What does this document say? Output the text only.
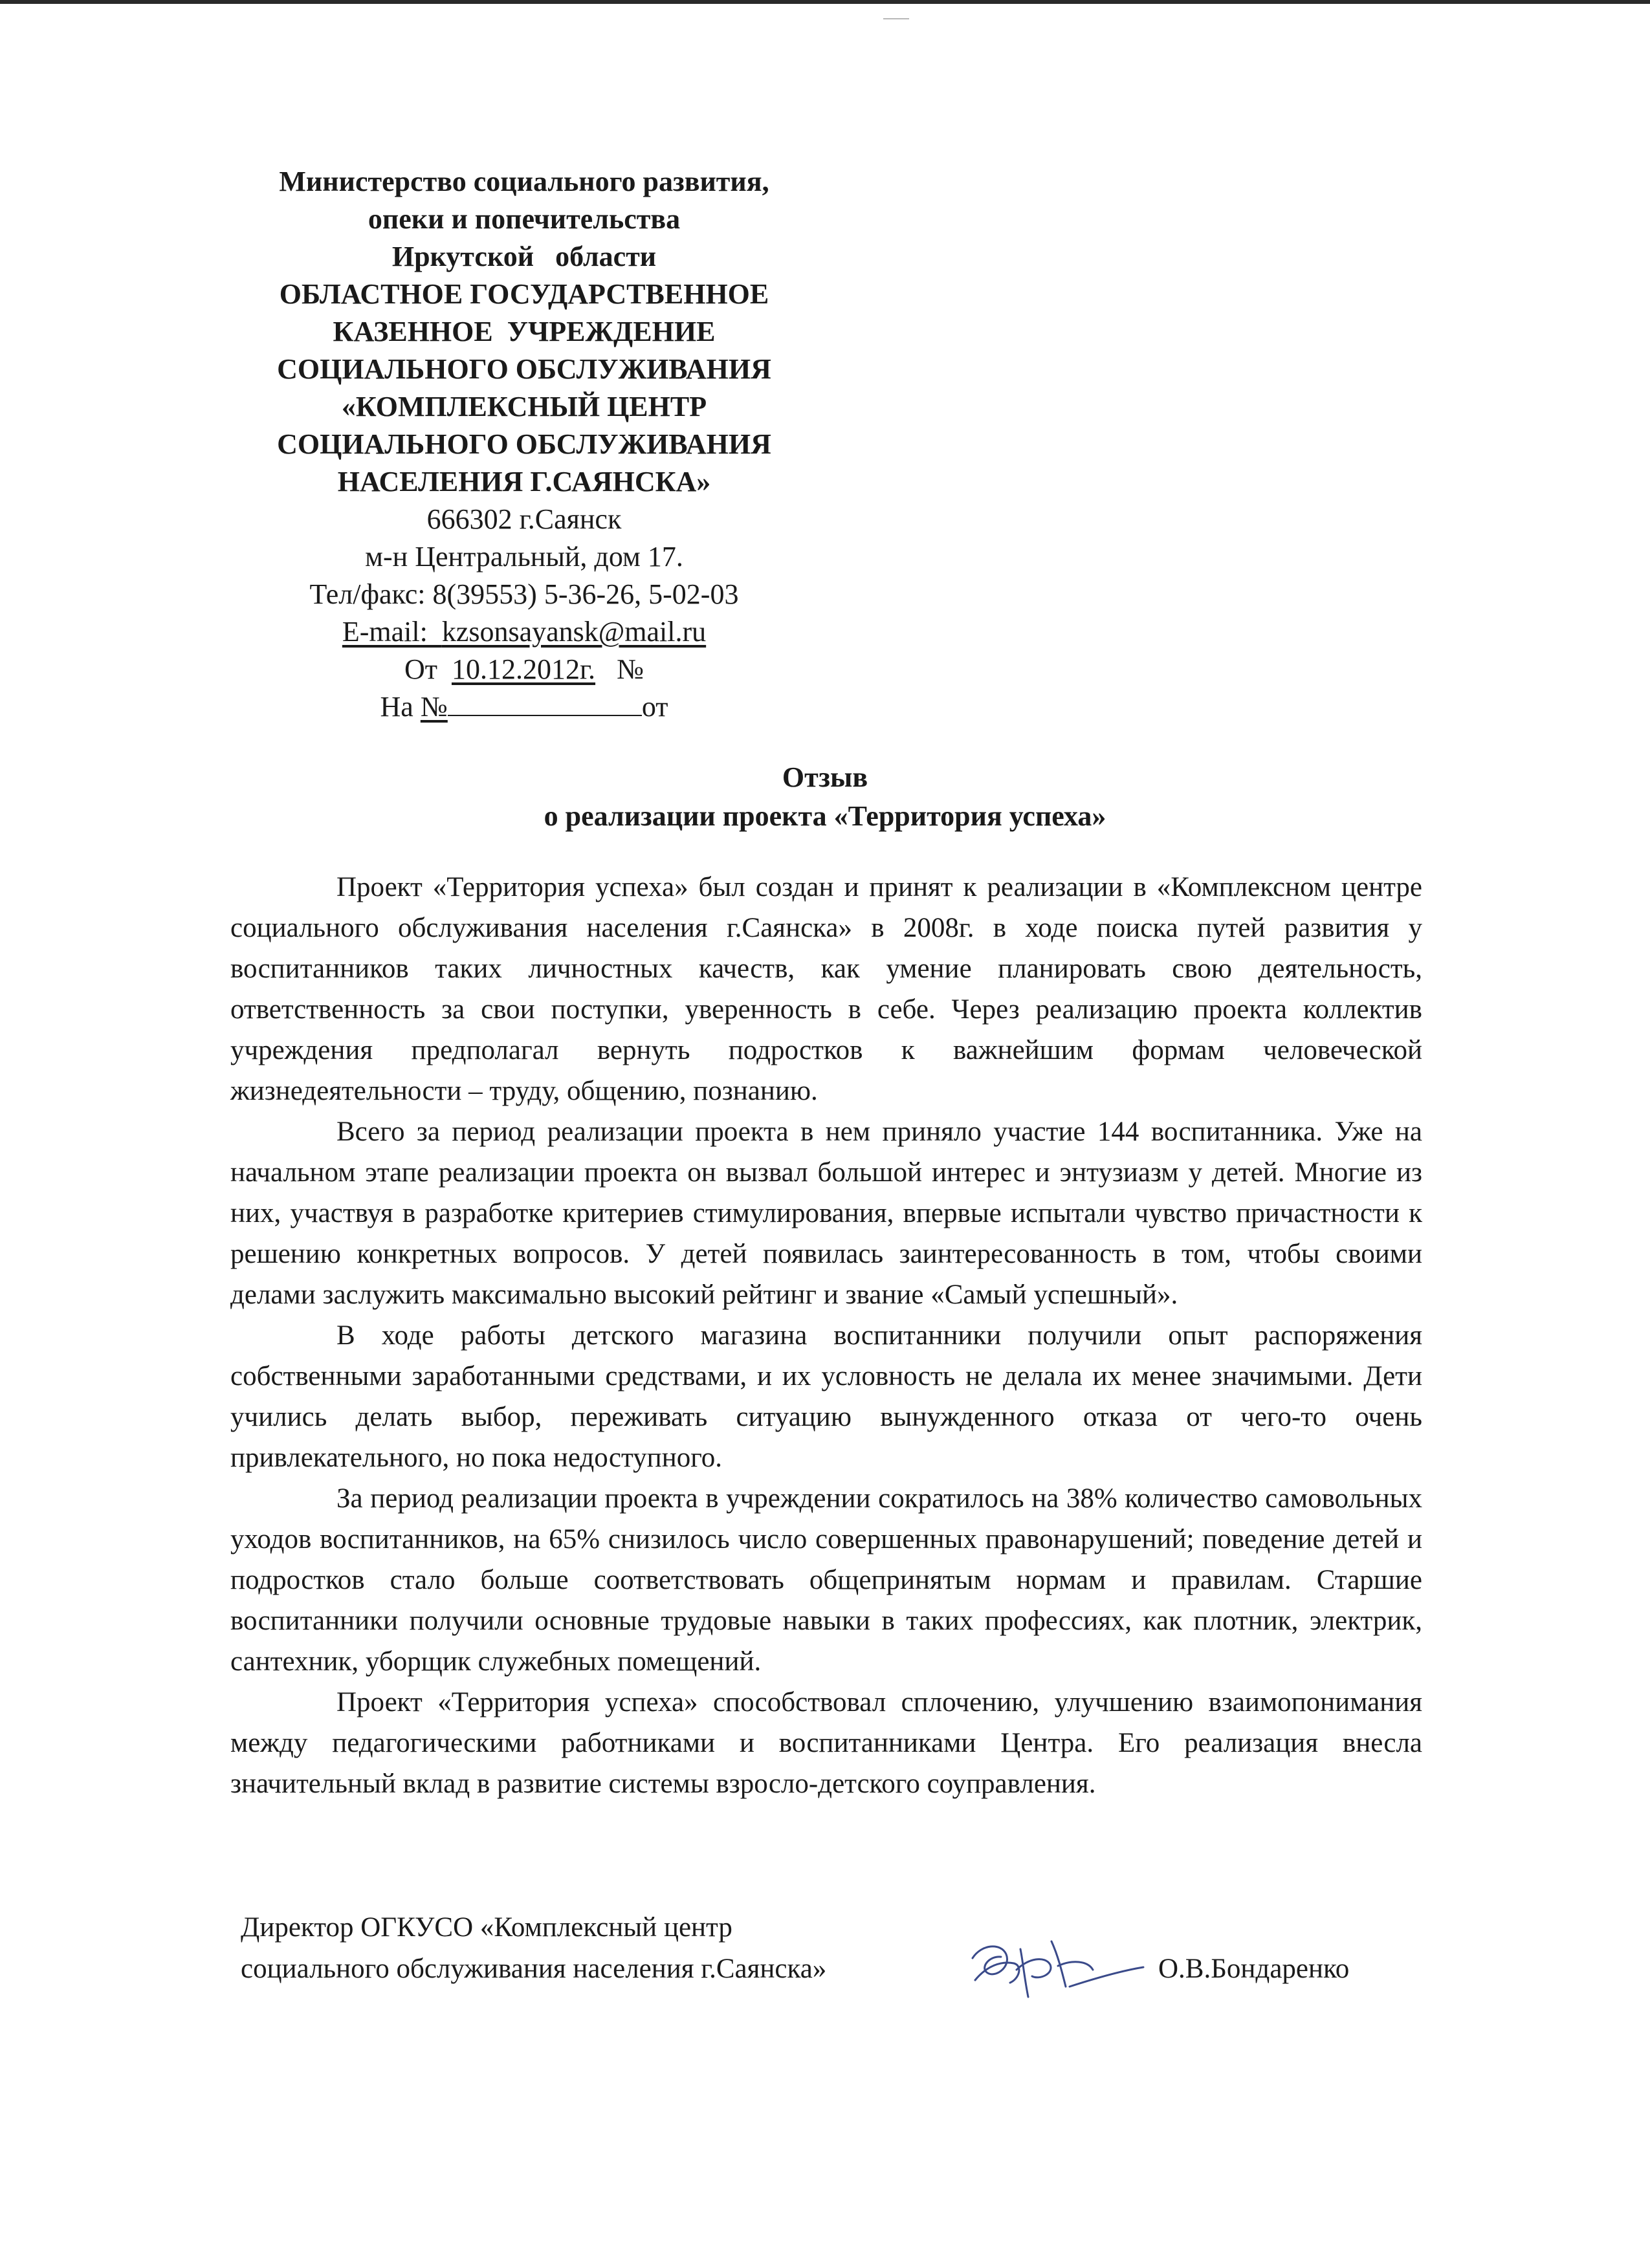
Министерство социального развития,
опеки и попечительства
Иркутской   области
ОБЛАСТНОЕ ГОСУДАРСТВЕННОЕ
КАЗЕННОЕ  УЧРЕЖДЕНИЕ
СОЦИАЛЬНОГО ОБСЛУЖИВАНИЯ
«КОМПЛЕКСНЫЙ ЦЕНТР
СОЦИАЛЬНОГО ОБСЛУЖИВАНИЯ
НАСЕЛЕНИЯ Г.САЯНСКА»
666302 г.Саянск
м-н Центральный, дом 17.
Тел/факс: 8(39553) 5-36-26, 5-02-03
E-mail:  kzsonsayansk@mail.ru
От  10.12.2012г.   №
На №	от
Отзыв
о реализации проекта «Территория успеха»

Проект «Территория успеха» был создан и принят к реализации в «Комплексном центре социального обслуживания населения г.Саянска» в 2008г. в ходе поиска путей развития у воспитанников таких личностных качеств, как умение планировать свою деятельность, ответственность за свои поступки, уверенность в себе. Через реализацию проекта коллектив учреждения предполагал вернуть подростков к важнейшим формам человеческой жизнедеятельности – труду, общению, познанию.

Всего за период реализации проекта в нем приняло участие 144 воспитанника. Уже на начальном этапе реализации проекта он вызвал большой интерес и энтузиазм у детей. Многие из них, участвуя в разработке критериев стимулирования, впервые испытали чувство причастности к решению конкретных вопросов. У детей появилась заинтересованность в том, чтобы своими делами заслужить максимально высокий рейтинг и звание «Самый успешный».

В ходе работы детского магазина воспитанники получили опыт распоряжения собственными заработанными средствами, и их условность не делала их менее значимыми. Дети учились делать выбор, переживать ситуацию вынужденного отказа от чего-то очень привлекательного, но пока недоступного.

За период реализации проекта в учреждении сократилось на 38% количество самовольных уходов воспитанников, на 65% снизилось число совершенных правонарушений; поведение детей и подростков стало больше соответствовать общепринятым нормам и правилам. Старшие воспитанники получили основные трудовые навыки в таких профессиях, как плотник, электрик, сантехник, уборщик служебных помещений.

Проект «Территория успеха» способствовал сплочению, улучшению взаимопонимания между педагогическими работниками и воспитанниками Центра. Его реализация внесла значительный вклад в развитие системы взросло-детского соуправления.

Директор ОГКУСО «Комплексный центр
социального обслуживания населения г.Саянска»	О.В.Бондаренко
